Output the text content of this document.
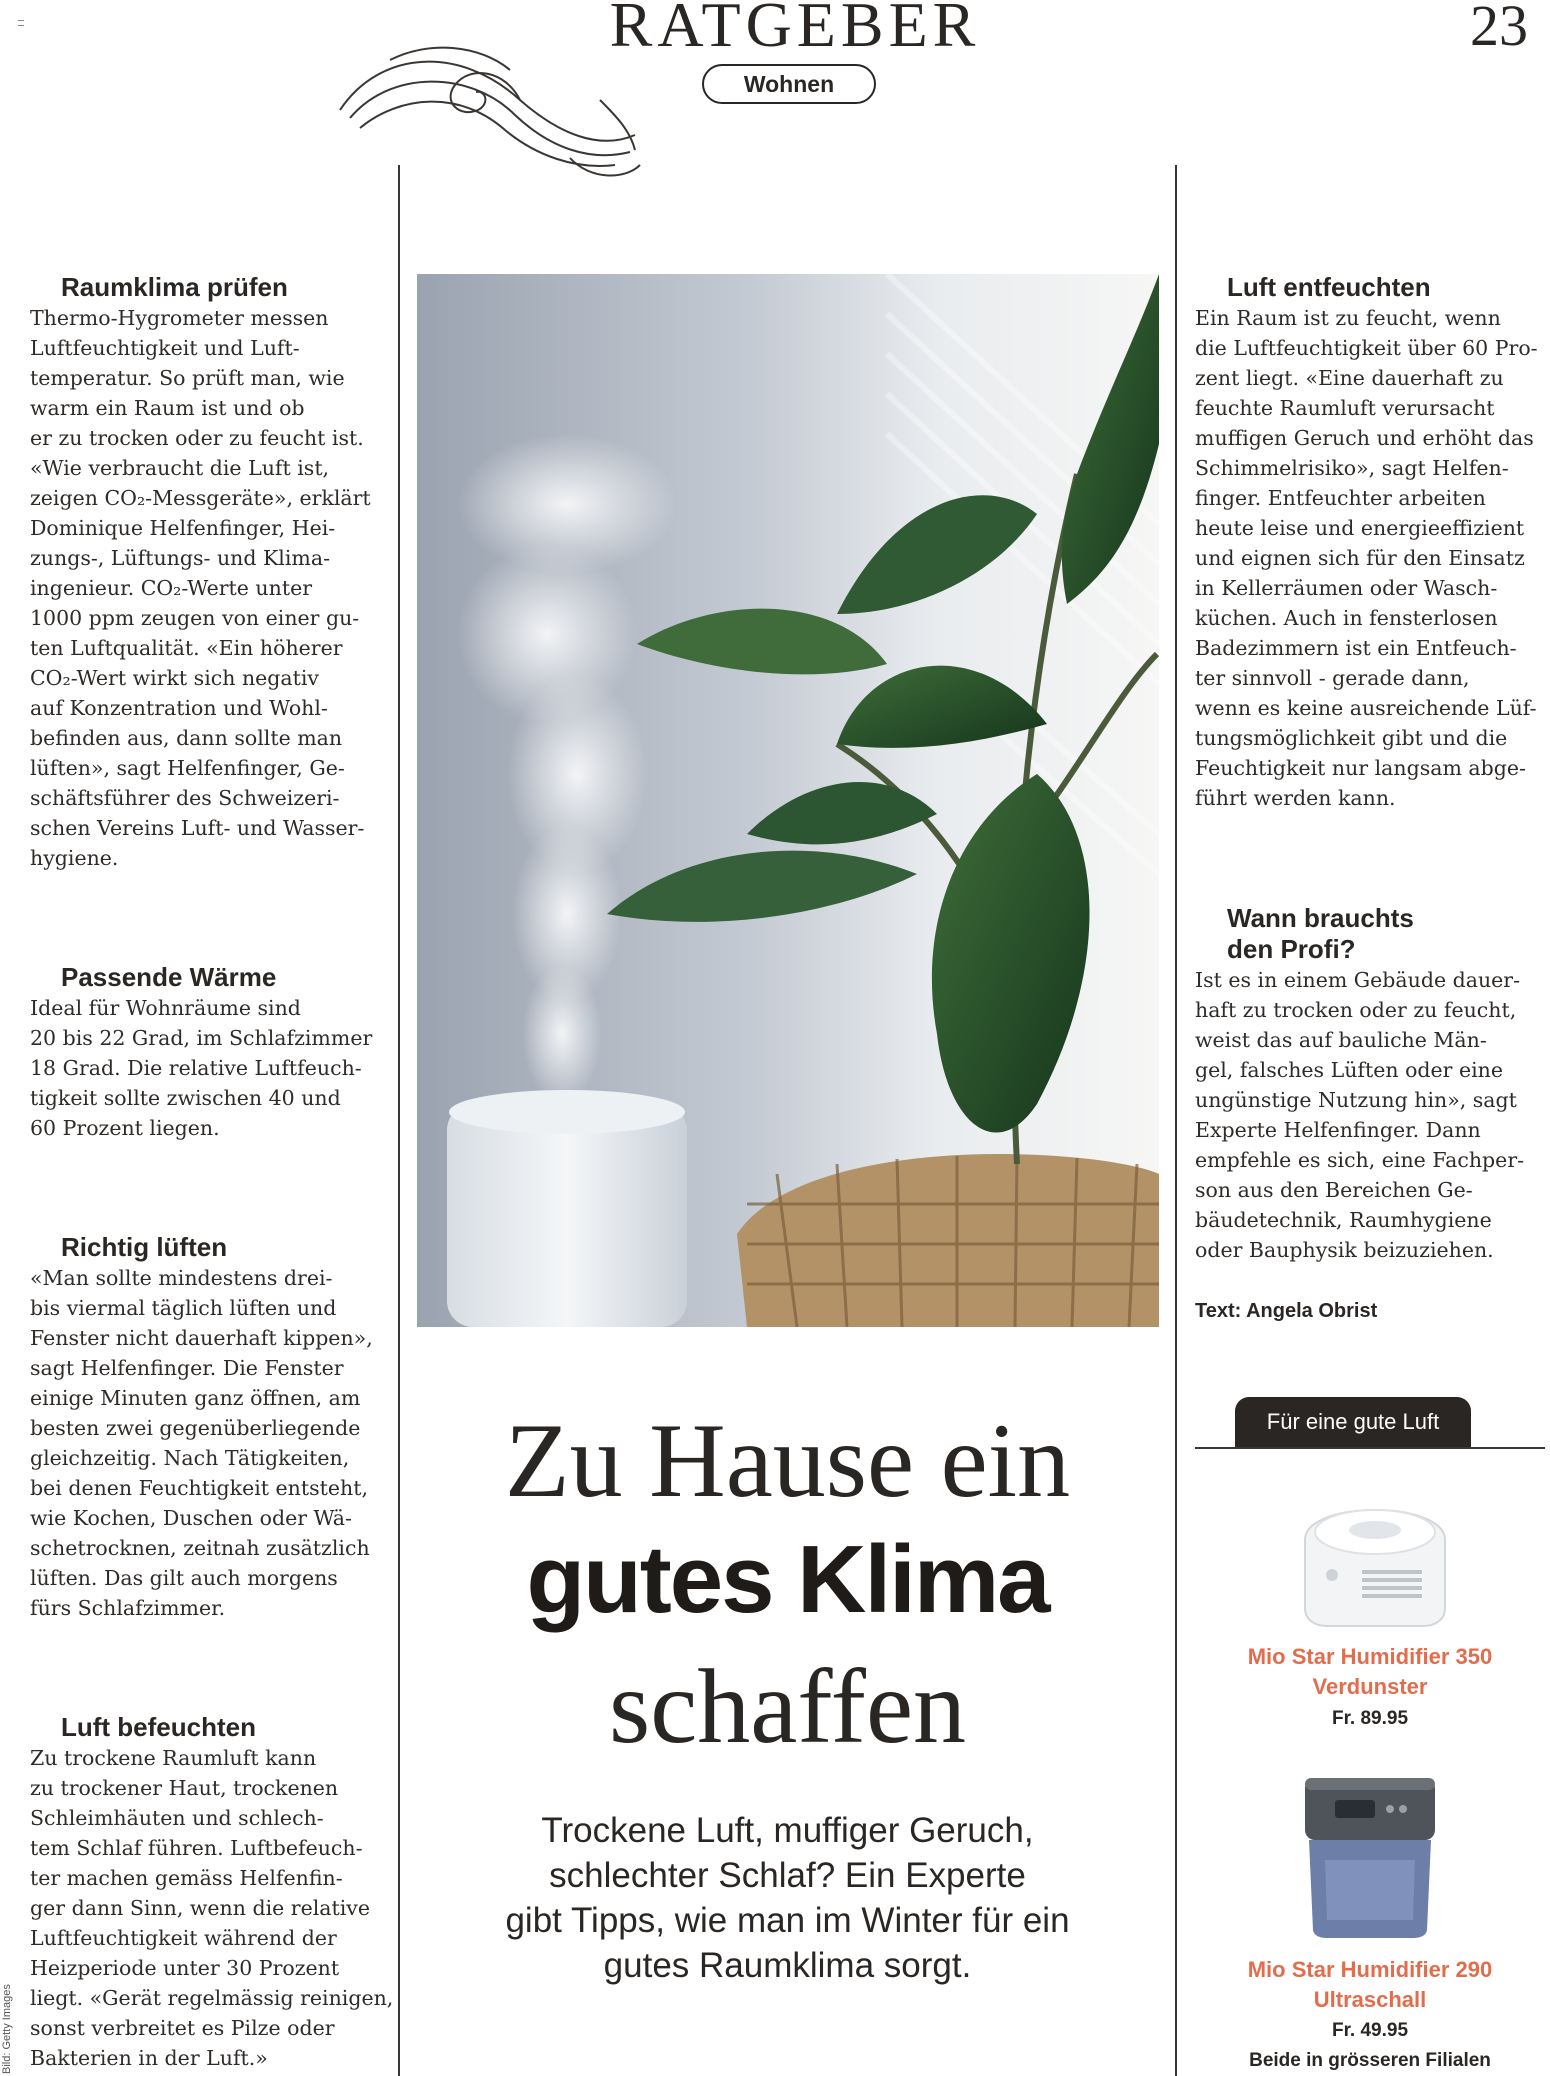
RATGEBER	23
Wohnen
Raumklima prüfen
Thermo-Hygrometer messen
Luftfeuchtigkeit und Luft-
temperatur. So prüft man, wie
warm ein Raum ist und ob
er zu trocken oder zu feucht ist.
«Wie verbraucht die Luft ist,
zeigen CO₂-Messgeräte», erklärt
Dominique Helfenfinger, Hei-
zungs-, Lüftungs- und Klima-
ingenieur. CO₂-Werte unter
1000 ppm zeugen von einer gu-
ten Luftqualität. «Ein höherer
CO₂-Wert wirkt sich negativ
auf Konzentration und Wohl-
befinden aus, dann sollte man
lüften», sagt Helfenfinger, Ge-
schäftsführer des Schweizeri-
schen Vereins Luft- und Wasser-
hygiene.
Passende Wärme
Ideal für Wohnräume sind
20 bis 22 Grad, im Schlafzimmer
18 Grad. Die relative Luftfeuch-
tigkeit sollte zwischen 40 und
60 Prozent liegen.
Richtig lüften
«Man sollte mindestens drei-
bis viermal täglich lüften und
Fenster nicht dauerhaft kippen»,
sagt Helfenfinger. Die Fenster
einige Minuten ganz öffnen, am
besten zwei gegenüberliegende
gleichzeitig. Nach Tätigkeiten,
bei denen Feuchtigkeit entsteht,
wie Kochen, Duschen oder Wä-
schetrocknen, zeitnah zusätzlich
lüften. Das gilt auch morgens
fürs Schlafzimmer.
Luft befeuchten
Zu trockene Raumluft kann
zu trockener Haut, trockenen
Schleimhäuten und schlech-
tem Schlaf führen. Luftbefeuch-
ter machen gemäss Helfenfin-
ger dann Sinn, wenn die relative
Luftfeuchtigkeit während der
Heizperiode unter 30 Prozent
liegt. «Gerät regelmässig reinigen,
sonst verbreitet es Pilze oder
Bakterien in der Luft.»
Bild: Getty Images
Zu Hause ein
gutes Klima
schaffen
Trockene Luft, muffiger Geruch,
schlechter Schlaf? Ein Experte
gibt Tipps, wie man im Winter für ein
gutes Raumklima sorgt.
Luft entfeuchten
Ein Raum ist zu feucht, wenn
die Luftfeuchtigkeit über 60 Pro-
zent liegt. «Eine dauerhaft zu
feuchte Raumluft verursacht
muffigen Geruch und erhöht das
Schimmelrisiko», sagt Helfen-
finger. Entfeuchter arbeiten
heute leise und energieeffizient
und eignen sich für den Einsatz
in Kellerräumen oder Wasch-
küchen. Auch in fensterlosen
Badezimmern ist ein Entfeuch-
ter sinnvoll - gerade dann,
wenn es keine ausreichende Lüf-
tungsmöglichkeit gibt und die
Feuchtigkeit nur langsam abge-
führt werden kann.
Wann brauchts
den Profi?
Ist es in einem Gebäude dauer-
haft zu trocken oder zu feucht,
weist das auf bauliche Män-
gel, falsches Lüften oder eine
ungünstige Nutzung hin», sagt
Experte Helfenfinger. Dann
empfehle es sich, eine Fachper-
son aus den Bereichen Ge-
bäudetechnik, Raumhygiene
oder Bauphysik beizuziehen.
Text: Angela Obrist
Für eine gute Luft
Mio Star Humidifier 350
Verdunster
Fr. 89.95
Mio Star Humidifier 290
Ultraschall
Fr. 49.95
Beide in grösseren Filialen
